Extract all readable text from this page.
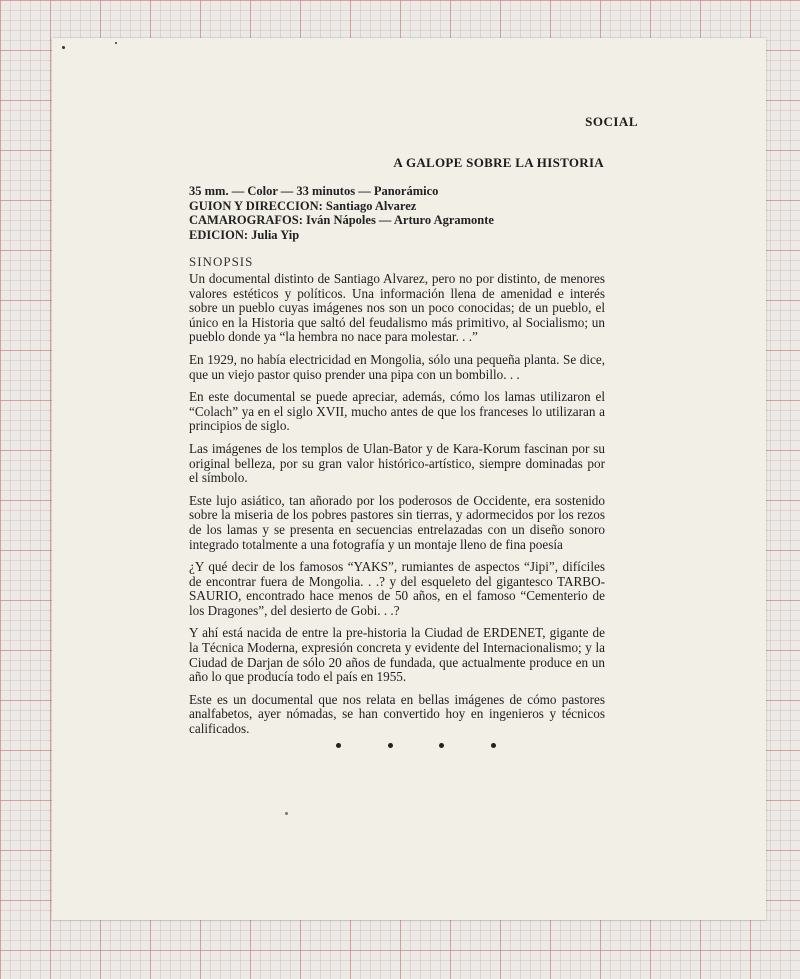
SOCIAL
A GALOPE SOBRE LA HISTORIA
35 mm. — Color — 33 minutos — Panorámico
GUION Y DIRECCION: Santiago Alvarez
CAMAROGRAFOS: Iván Nápoles — Arturo Agramonte
EDICION: Julia Yip
SINOPSIS

Un documental distinto de Santiago Alvarez, pero no por distinto, de menores valores estéticos y políticos. Una información llena de amenidad e interés sobre un pueblo cuyas imágenes nos son un poco conocidas; de un pueblo, el único en la Historia que saltó del feudalismo más primitivo, al Socialismo; un pueblo donde ya “la hembra no nace para molestar. . .”

En 1929, no había electricidad en Mongolia, sólo una pequeña planta. Se dice, que un viejo pastor quiso prender una pipa con un bombillo. . .

En este documental se puede apreciar, además, cómo los lamas utilizaron el “Colach” ya en el siglo XVII, mucho antes de que los franceses lo utilizaran a principios de siglo.

Las imágenes de los templos de Ulan-Bator y de Kara-Korum fascinan por su original belleza, por su gran valor histórico-artístico, siempre dominadas por el símbolo.

Este lujo asiático, tan añorado por los poderosos de Occidente, era sostenido sobre la miseria de los pobres pastores sin tierras, y adormecidos por los rezos de los lamas y se presenta en secuencias entrelazadas con un diseño sonoro integrado totalmente a una fotografía y un montaje lleno de fina poesía

¿Y qué decir de los famosos “YAKS”, rumiantes de aspectos “Jipi”, difíciles de encontrar fuera de Mongolia. . .? y del esqueleto del gigantesco TARBO-SAURIO, encontrado hace menos de 50 años, en el famoso “Cementerio de los Dragones”, del desierto de Gobi. . .?

Y ahí está nacida de entre la pre-historia la Ciudad de ERDENET, gigante de la Técnica Moderna, expresión concreta y evidente del Internacionalismo; y la Ciudad de Darjan de sólo 20 años de fundada, que actualmente produce en un año lo que producía todo el país en 1955.

Este es un documental que nos relata en bellas imágenes de cómo pastores analfabetos, ayer nómadas, se han convertido hoy en ingenieros y técnicos calificados.
